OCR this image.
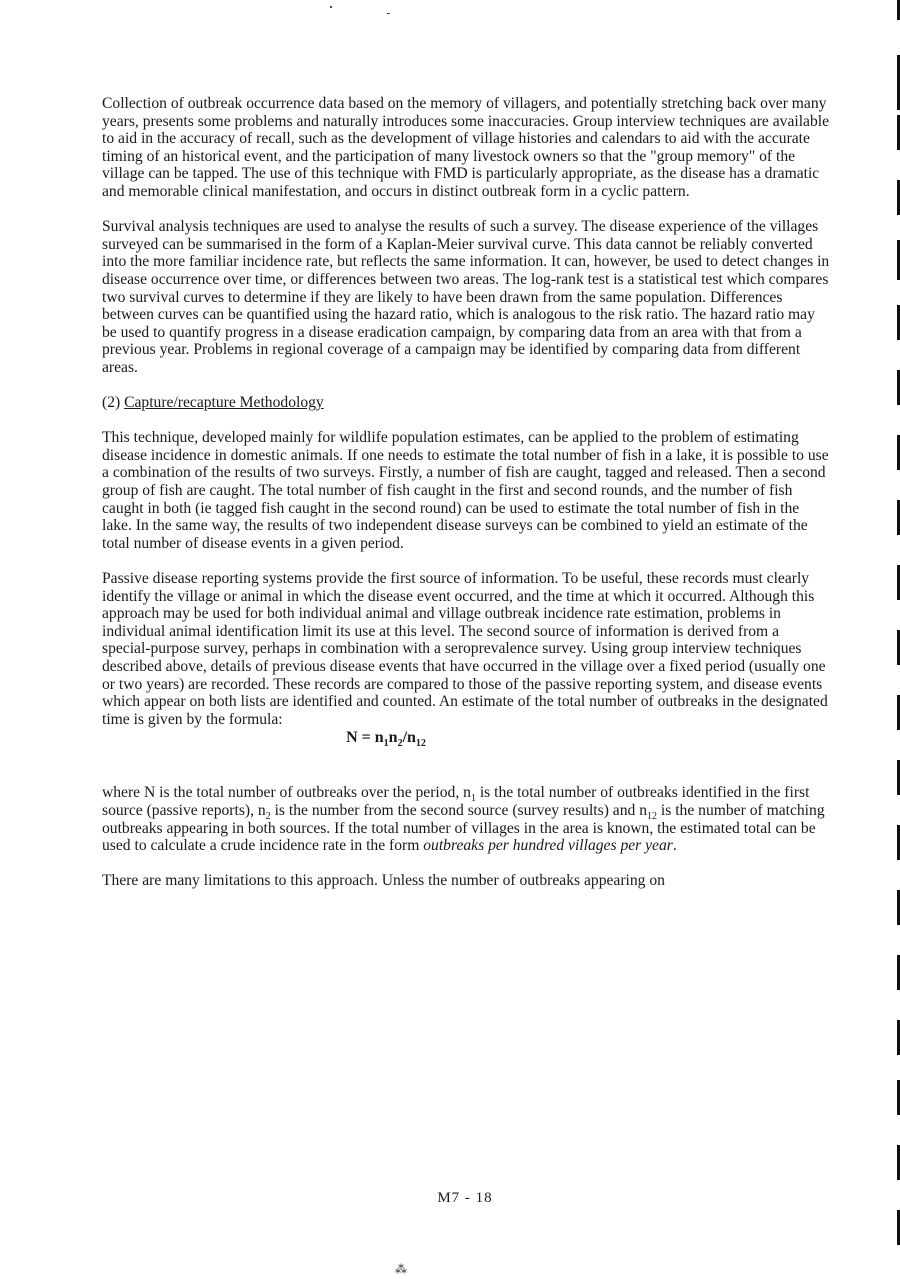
Collection of outbreak occurrence data based on the memory of villagers, and potentially stretching back over many years, presents some problems and naturally introduces some inaccuracies. Group interview techniques are available to aid in the accuracy of recall, such as the development of village histories and calendars to aid with the accurate timing of an historical event, and the participation of many livestock owners so that the "group memory" of the village can be tapped. The use of this technique with FMD is particularly appropriate, as the disease has a dramatic and memorable clinical manifestation, and occurs in distinct outbreak form in a cyclic pattern.

Survival analysis techniques are used to analyse the results of such a survey. The disease experience of the villages surveyed can be summarised in the form of a Kaplan-Meier survival curve. This data cannot be reliably converted into the more familiar incidence rate, but reflects the same information. It can, however, be used to detect changes in disease occurrence over time, or differences between two areas. The log-rank test is a statistical test which compares two survival curves to determine if they are likely to have been drawn from the same population. Differences between curves can be quantified using the hazard ratio, which is analogous to the risk ratio. The hazard ratio may be used to quantify progress in a disease eradication campaign, by comparing data from an area with that from a previous year. Problems in regional coverage of a campaign may be identified by comparing data from different areas.

(2) Capture/recapture Methodology

This technique, developed mainly for wildlife population estimates, can be applied to the problem of estimating disease incidence in domestic animals. If one needs to estimate the total number of fish in a lake, it is possible to use a combination of the results of two surveys. Firstly, a number of fish are caught, tagged and released. Then a second group of fish are caught. The total number of fish caught in the first and second rounds, and the number of fish caught in both (ie tagged fish caught in the second round) can be used to estimate the total number of fish in the lake. In the same way, the results of two independent disease surveys can be combined to yield an estimate of the total number of disease events in a given period.

Passive disease reporting systems provide the first source of information. To be useful, these records must clearly identify the village or animal in which the disease event occurred, and the time at which it occurred. Although this approach may be used for both individual animal and village outbreak incidence rate estimation, problems in individual animal identification limit its use at this level. The second source of information is derived from a special-purpose survey, perhaps in combination with a seroprevalence survey. Using group interview techniques described above, details of previous disease events that have occurred in the village over a fixed period (usually one or two years) are recorded. These records are compared to those of the passive reporting system, and disease events which appear on both lists are identified and counted. An estimate of the total number of outbreaks in the designated time is given by the formula:

$N = n_1n_2/n_{12}$

where N is the total number of outbreaks over the period, $n_1$ is the total number of outbreaks identified in the first source (passive reports), $n_2$ is the number from the second source (survey results) and $n_{12}$ is the number of matching outbreaks appearing in both sources. If the total number of villages in the area is known, the estimated total can be used to calculate a crude incidence rate in the form outbreaks per hundred villages per year.

There are many limitations to this approach. Unless the number of outbreaks appearing on

M7 - 18
⁂
